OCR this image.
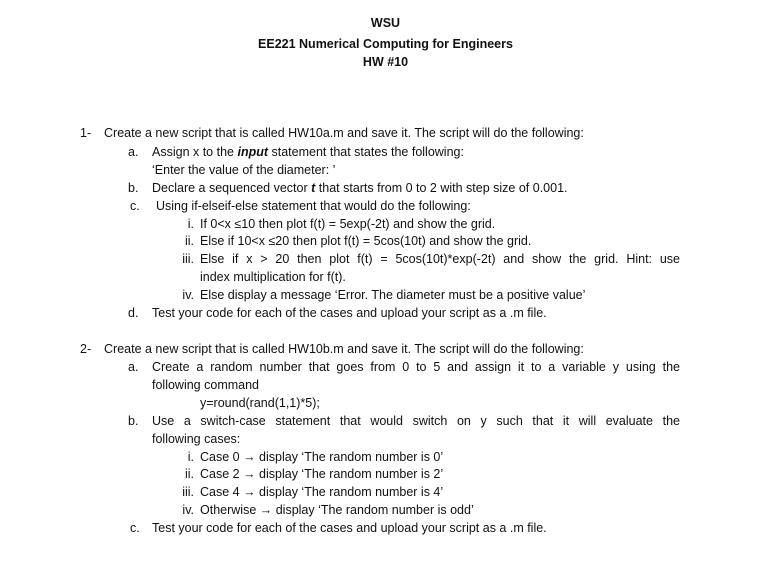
WSU
EE221 Numerical Computing for Engineers
HW #10
1- Create a new script that is called HW10a.m and save it. The script will do the following:
a. Assign x to the input statement that states the following:
‘Enter the value of the diameter: ’
b. Declare a sequenced vector t that starts from 0 to 2 with step size of 0.001.
c. Using if-elseif-else statement that would do the following:
i. If 0<x ≤10 then plot f(t) = 5exp(-2t) and show the grid.
ii. Else if 10<x ≤20 then plot f(t) = 5cos(10t) and show the grid.
iii. Else if x > 20 then plot f(t) = 5cos(10t)*exp(-2t) and show the grid. Hint: use
index multiplication for f(t).
iv. Else display a message ‘Error. The diameter must be a positive value’
d. Test your code for each of the cases and upload your script as a .m file.
2- Create a new script that is called HW10b.m and save it. The script will do the following:
a. Create a random number that goes from 0 to 5 and assign it to a variable y using the
following command
y=round(rand(1,1)*5);
b. Use a switch-case statement that would switch on y such that it will evaluate the
following cases:
i. Case 0 → display ‘The random number is 0’
ii. Case 2 → display ‘The random number is 2’
iii. Case 4 → display ‘The random number is 4’
iv. Otherwise → display ‘The random number is odd’
c. Test your code for each of the cases and upload your script as a .m file.
